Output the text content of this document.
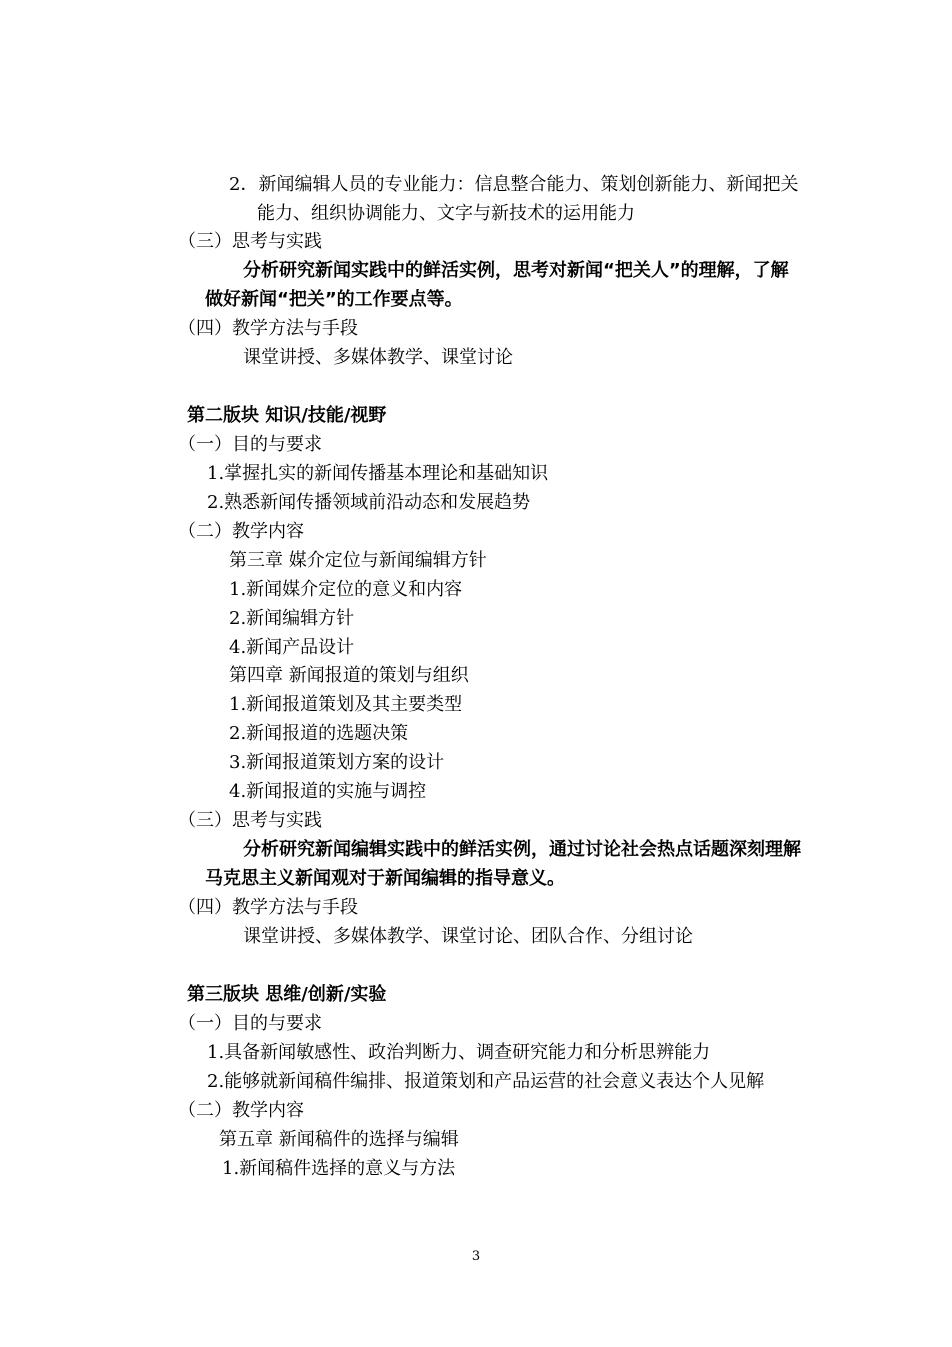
2．新闻编辑人员的专业能力：信息整合能力、策划创新能力、新闻把关
能力、组织协调能力、文字与新技术的运用能力
（三）思考与实践
分析研究新闻实践中的鲜活实例，思考对新闻“把关人”的理解，了解
做好新闻“把关”的工作要点等。
（四）教学方法与手段
课堂讲授、多媒体教学、课堂讨论
第二版块 知识/技能/视野
（一）目的与要求
1.掌握扎实的新闻传播基本理论和基础知识
2.熟悉新闻传播领域前沿动态和发展趋势
（二）教学内容
第三章 媒介定位与新闻编辑方针
1.新闻媒介定位的意义和内容
2.新闻编辑方针
4.新闻产品设计
第四章 新闻报道的策划与组织
1.新闻报道策划及其主要类型
2.新闻报道的选题决策
3.新闻报道策划方案的设计
4.新闻报道的实施与调控
（三）思考与实践
分析研究新闻编辑实践中的鲜活实例，通过讨论社会热点话题深刻理解
马克思主义新闻观对于新闻编辑的指导意义。
（四）教学方法与手段
课堂讲授、多媒体教学、课堂讨论、团队合作、分组讨论
第三版块 思维/创新/实验
（一）目的与要求
1.具备新闻敏感性、政治判断力、调查研究能力和分析思辨能力
2.能够就新闻稿件编排、报道策划和产品运营的社会意义表达个人见解
（二）教学内容
第五章 新闻稿件的选择与编辑
1.新闻稿件选择的意义与方法
3
